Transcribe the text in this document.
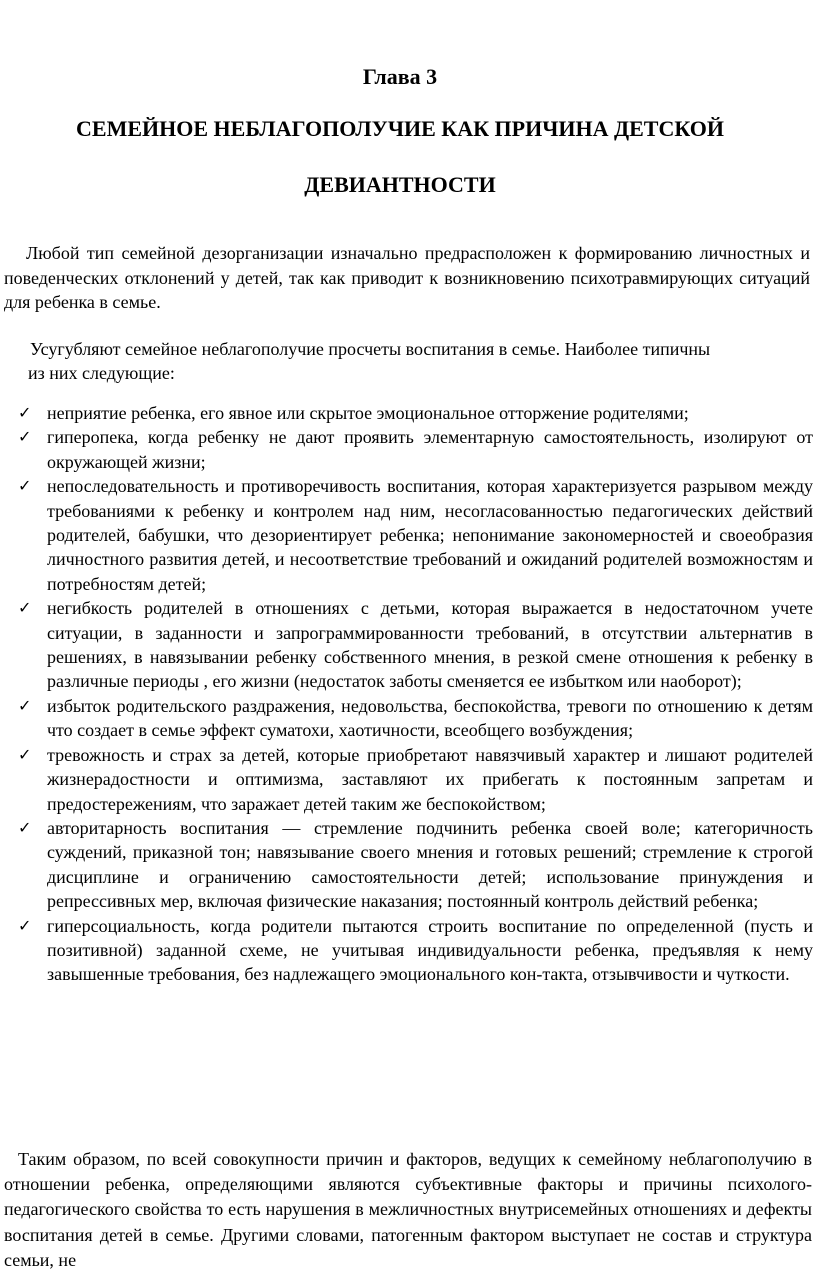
Глава 3
СЕМЕЙНОЕ НЕБЛАГОПОЛУЧИЕ КАК ПРИЧИНА ДЕТСКОЙ
ДЕВИАНТНОСТИ

Любой тип семейной дезорганизации изначально предрасположен к формированию личностных и поведенческих отклонений у детей, так как приводит к возникновению психотравмирующих ситуаций для ребенка в семье.

Усугубляют семейное неблагополучие просчеты воспитания в семье. Наиболее типичны
из них следующие:

✓ неприятие ребенка, его явное или скрытое эмоциональное отторжение родителями;
✓ гиперопека, когда ребенку не дают проявить элементарную самостоятельность, изолируют от окружающей жизни;
✓ непоследовательность и противоречивость воспитания, которая характеризуется разрывом между требованиями к ребенку и контролем над ним, несогласованностью педагогических действий родителей, бабушки, что дезориентирует ребенка; непонимание закономерностей и своеобразия личностного развития детей, и несоответствие требований и ожиданий родителей возможностям и потребностям детей;
✓ негибкость родителей в отношениях с детьми, которая выражается в недостаточном учете ситуации, в заданности и запрограммированности требований, в отсутствии альтернатив в решениях, в навязывании ребенку собственного мнения, в резкой смене отношения к ребенку в различные периоды , его жизни (недостаток заботы сменяется ее избытком или наоборот);
✓ избыток родительского раздражения, недовольства, беспокойства, тревоги по отношению к детям что создает в семье эффект суматохи, хаотичности, всеобщего возбуждения;
✓ тревожность и страх за детей, которые приобретают навязчивый характер и лишают родителей жизнерадостности и оптимизма, заставляют их прибегать к постоянным запретам и предостережениям, что заражает детей таким же беспокойством;
✓ авторитарность воспитания — стремление подчинить ребенка своей воле; категоричность суждений, приказной тон; навязывание своего мнения и готовых решений; стремление к строгой дисциплине и ограничению самостоятельности детей; использование принуждения и репрессивных мер, включая физические наказания; постоянный контроль действий ребенка;
✓ гиперсоциальность, когда родители пытаются строить воспитание по определенной (пусть и позитивной) заданной схеме, не учитывая индивидуальности ребенка, предъявляя к нему завышенные требования, без надлежащего эмоционального кон-такта, отзывчивости и чуткости.

Таким образом, по всей совокупности причин и факторов, ведущих к семейному неблагополучию в отношении ребенка, определяющими являются субъективные факторы и причины психолого-педагогического свойства то есть нарушения в межличностных внутрисемейных отношениях и дефекты воспитания детей в семье. Другими словами, патогенным фактором выступает не состав и структура семьи, не
